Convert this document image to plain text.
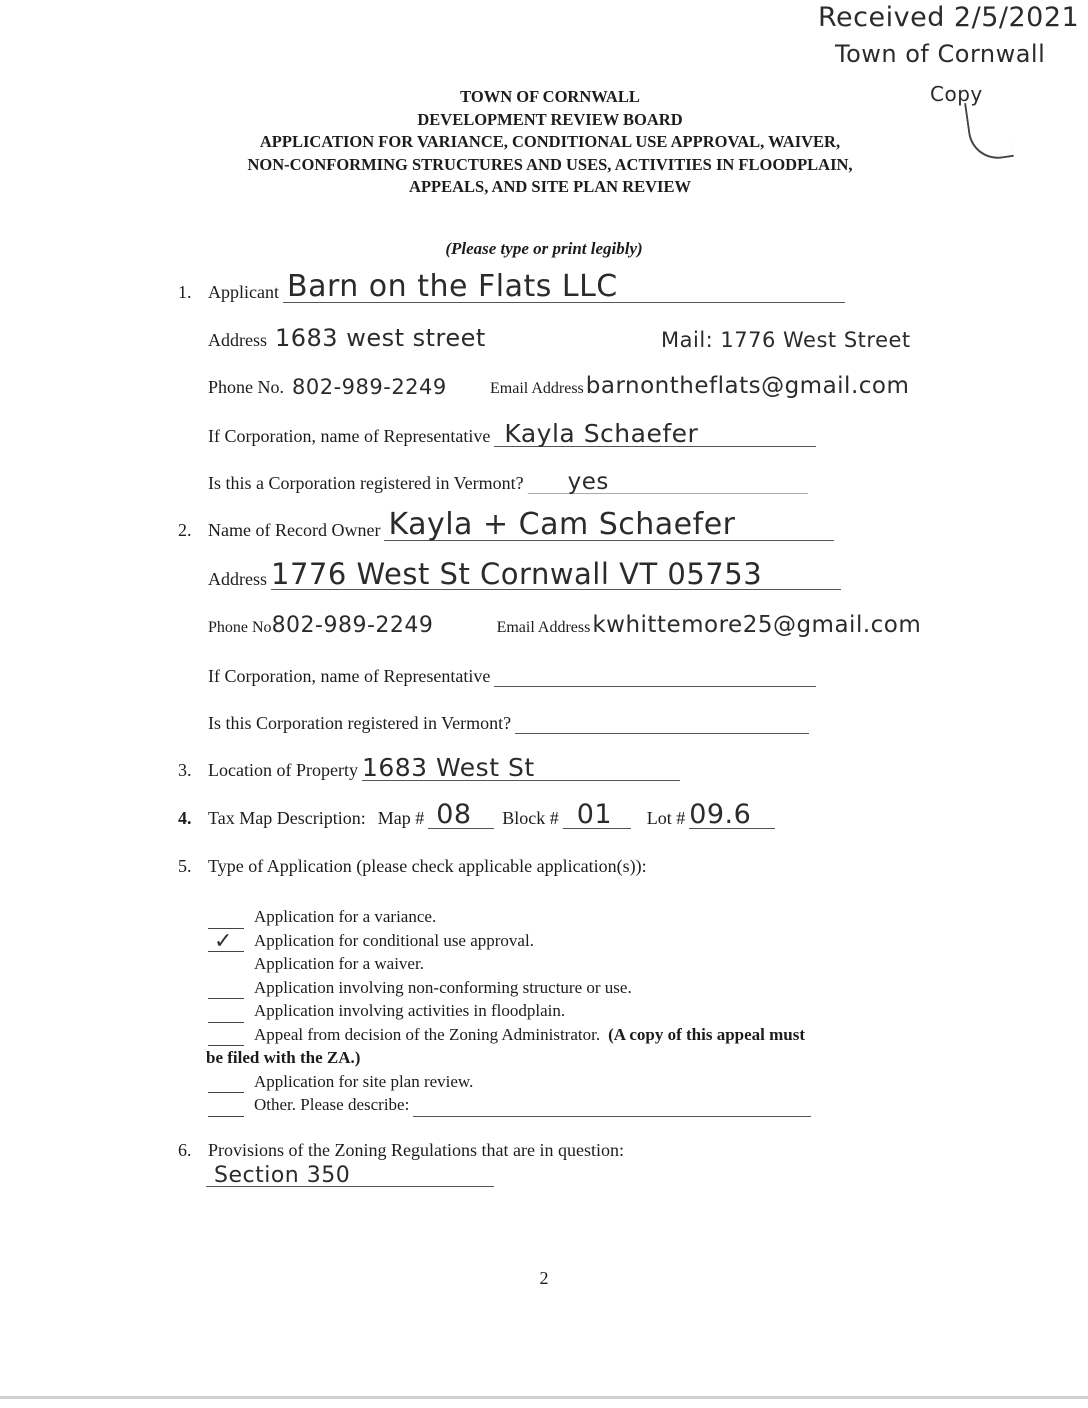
Received 2/5/2021
Town of Cornwall
Copy
TOWN OF CORNWALL
DEVELOPMENT REVIEW BOARD
APPLICATION FOR VARIANCE, CONDITIONAL USE APPROVAL, WAIVER,
NON-CONFORMING STRUCTURES AND USES, ACTIVITIES IN FLOODPLAIN,
APPEALS, AND SITE PLAN REVIEW
(Please type or print legibly)
1. Applicant Barn on the Flats LLC
Address 1683 west street	Mail: 1776 West Street
Phone No. 802-989-2249	Email Address barnontheflats@gmail.com
If Corporation, name of Representative Kayla Schaefer
Is this a Corporation registered in Vermont? yes
2. Name of Record Owner Kayla + Cam Schaefer
Address 1776 West St Cornwall VT 05753
Phone No 802-989-2249	Email Address kwhittemore25@gmail.com
If Corporation, name of Representative
Is this Corporation registered in Vermont?
3. Location of Property 1683 West St
4. Tax Map Description: Map # 08 Block # 01 Lot # 09.6
5. Type of Application (please check applicable application(s)):
Application for a variance.
✓ Application for conditional use approval.
Application for a waiver.
Application involving non-conforming structure or use.
Application involving activities in floodplain.
Appeal from decision of the Zoning Administrator. (A copy of this appeal must
be filed with the ZA.)
Application for site plan review.
Other. Please describe:
6. Provisions of the Zoning Regulations that are in question:
Section 350
2
